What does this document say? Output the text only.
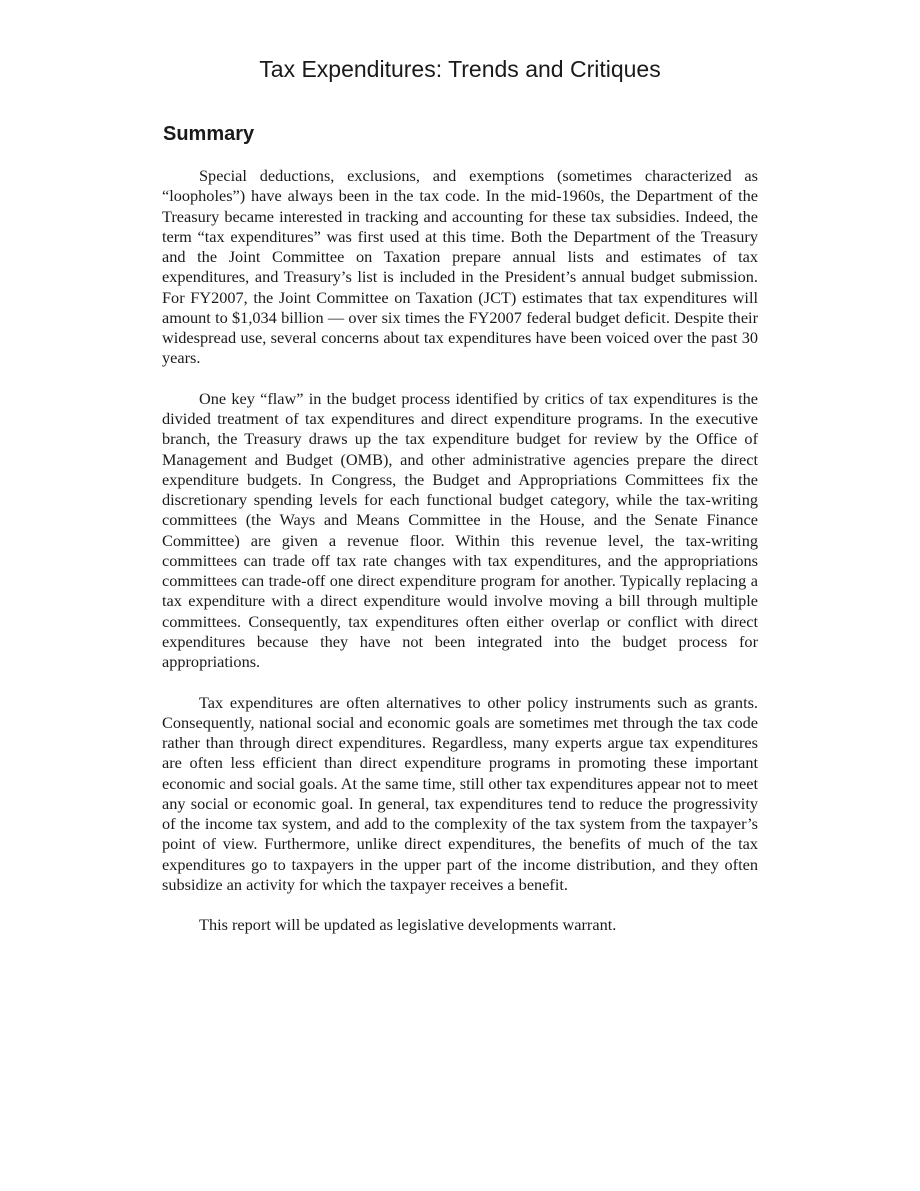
Tax Expenditures: Trends and Critiques
Summary

Special deductions, exclusions, and exemptions (sometimes characterized as “loopholes”) have always been in the tax code. In the mid-1960s, the Department of the Treasury became interested in tracking and accounting for these tax subsidies. Indeed, the term “tax expenditures” was first used at this time. Both the Department of the Treasury and the Joint Committee on Taxation prepare annual lists and estimates of tax expenditures, and Treasury’s list is included in the President’s annual budget submission. For FY2007, the Joint Committee on Taxation (JCT) estimates that tax expenditures will amount to $1,034 billion — over six times the FY2007 federal budget deficit. Despite their widespread use, several concerns about tax expenditures have been voiced over the past 30 years.

One key “flaw” in the budget process identified by critics of tax expenditures is the divided treatment of tax expenditures and direct expenditure programs. In the executive branch, the Treasury draws up the tax expenditure budget for review by the Office of Management and Budget (OMB), and other administrative agencies prepare the direct expenditure budgets. In Congress, the Budget and Appropriations Committees fix the discretionary spending levels for each functional budget category, while the tax-writing committees (the Ways and Means Committee in the House, and the Senate Finance Committee) are given a revenue floor. Within this revenue level, the tax-writing committees can trade off tax rate changes with tax expenditures, and the appropriations committees can trade-off one direct expenditure program for another. Typically replacing a tax expenditure with a direct expenditure would involve moving a bill through multiple committees. Consequently, tax expenditures often either overlap or conflict with direct expenditures because they have not been integrated into the budget process for appropriations.

Tax expenditures are often alternatives to other policy instruments such as grants. Consequently, national social and economic goals are sometimes met through the tax code rather than through direct expenditures. Regardless, many experts argue tax expenditures are often less efficient than direct expenditure programs in promoting these important economic and social goals. At the same time, still other tax expenditures appear not to meet any social or economic goal. In general, tax expenditures tend to reduce the progressivity of the income tax system, and add to the complexity of the tax system from the taxpayer’s point of view. Furthermore, unlike direct expenditures, the benefits of much of the tax expenditures go to taxpayers in the upper part of the income distribution, and they often subsidize an activity for which the taxpayer receives a benefit.

This report will be updated as legislative developments warrant.
